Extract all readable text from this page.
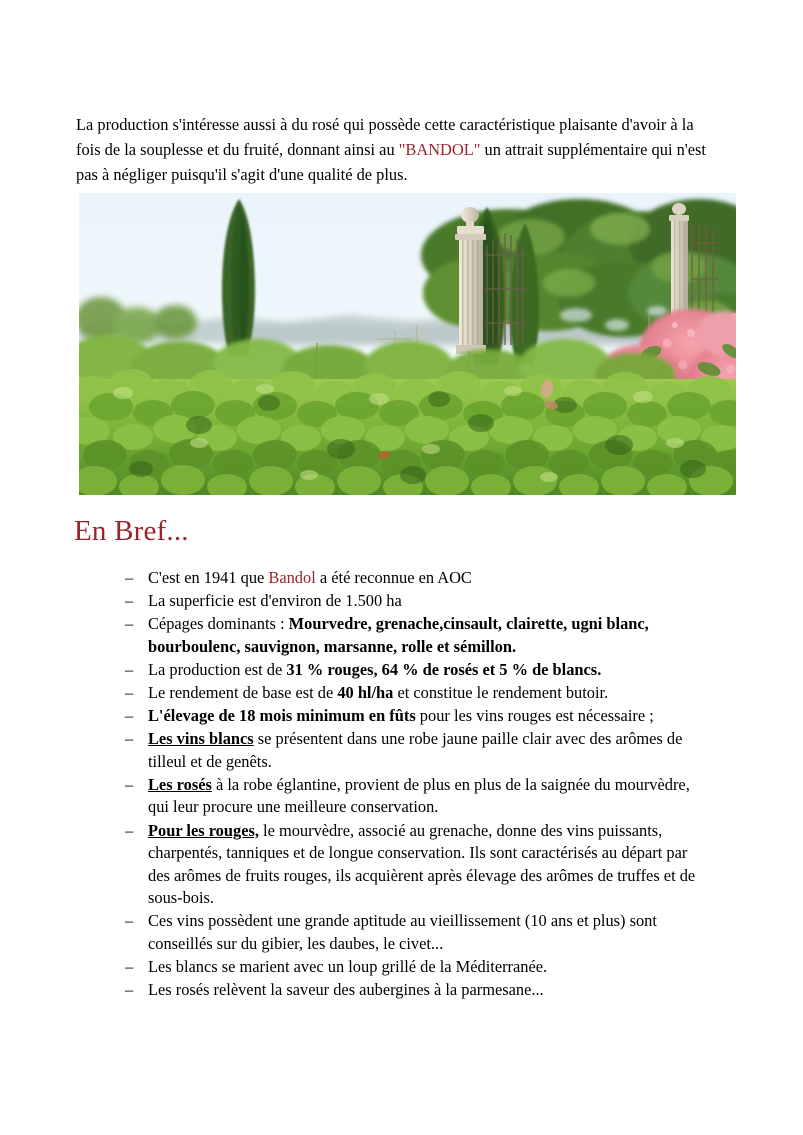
La production s'intéresse aussi à du rosé qui possède cette caractéristique plaisante d'avoir à la fois de la souplesse et du fruité, donnant ainsi au "BANDOL" un attrait supplémentaire qui n'est pas à négliger puisqu'il s'agit d'une qualité de plus.

En Bref...
– C'est en 1941 que Bandol a été reconnue en AOC
– La superficie est d'environ de 1.500 ha
– Cépages dominants : Mourvedre, grenache,cinsault, clairette, ugni blanc, bourboulenc, sauvignon, marsanne, rolle et sémillon.
– La production est de 31 % rouges, 64 % de rosés et 5 % de blancs.
– Le rendement de base est de 40 hl/ha et constitue le rendement butoir.
– L'élevage de 18 mois minimum en fûts pour les vins rouges est nécessaire ;
– Les vins blancs se présentent dans une robe jaune paille clair avec des arômes de tilleul et de genêts.
– Les rosés à la robe églantine, provient de plus en plus de la saignée du mourvèdre, qui leur procure une meilleure conservation.
– Pour les rouges, le mourvèdre, associé au grenache, donne des vins puissants, charpentés, tanniques et de longue conservation. Ils sont caractérisés au départ par des arômes de fruits rouges, ils acquièrent après élevage des arômes de truffes et de sous-bois.
– Ces vins possèdent une grande aptitude au vieillissement (10 ans et plus) sont conseillés sur du gibier, les daubes, le civet...
– Les blancs se marient avec un loup grillé de la Méditerranée.
– Les rosés relèvent la saveur des aubergines à la parmesane...
